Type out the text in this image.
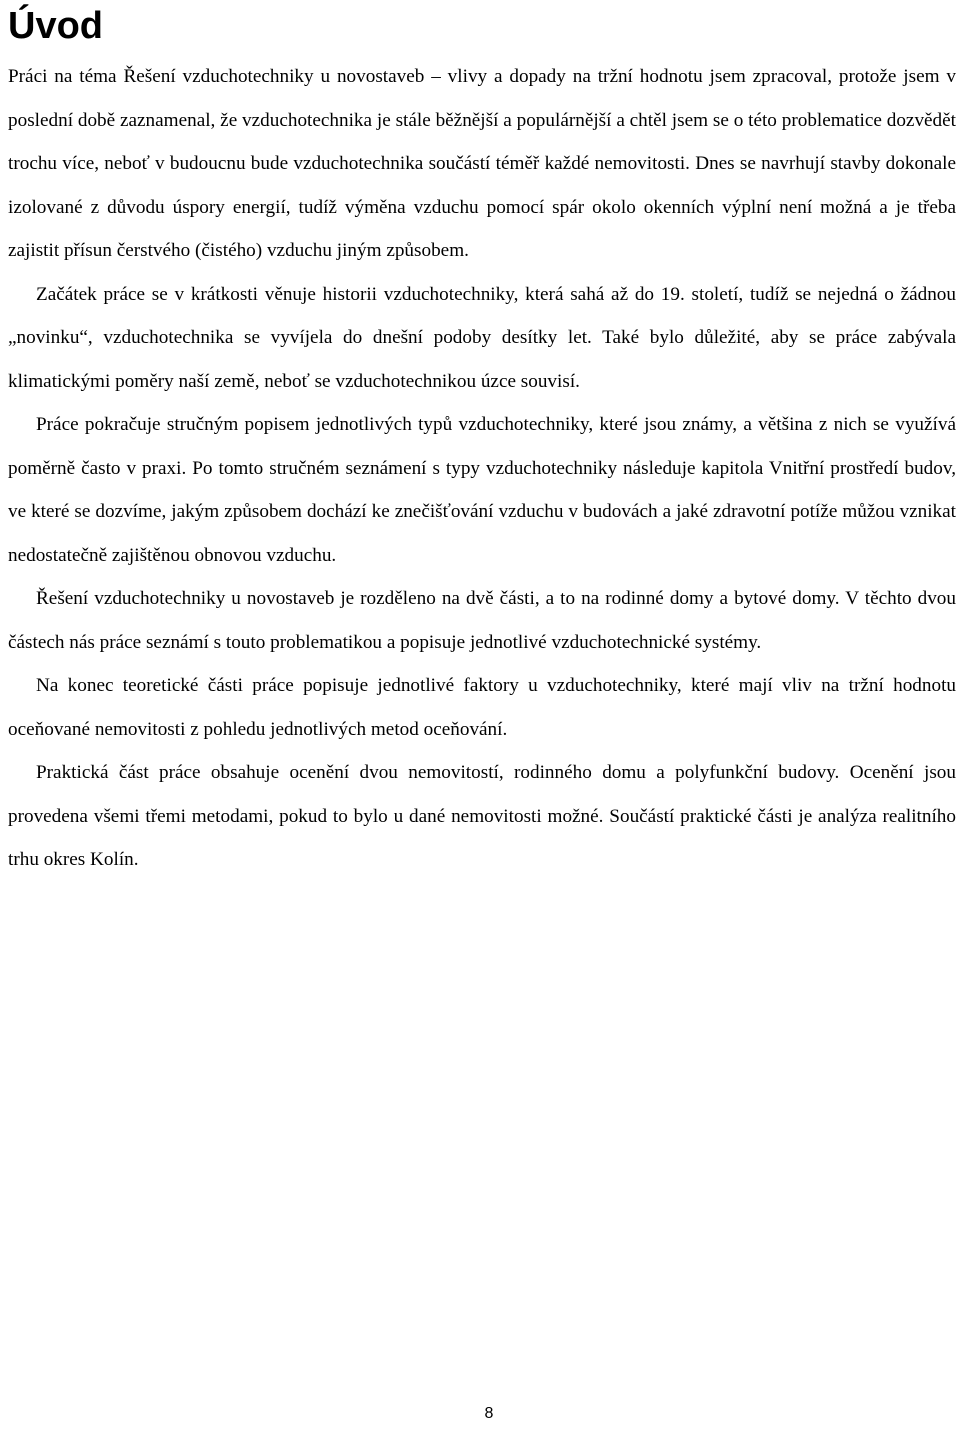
Úvod

Práci na téma Řešení vzduchotechniky u novostaveb – vlivy a dopady na tržní hodnotu jsem zpracoval, protože jsem v poslední době zaznamenal, že vzduchotechnika je stále běžnější a populárnější a chtěl jsem se o této problematice dozvědět trochu více, neboť v budoucnu bude vzduchotechnika součástí téměř každé nemovitosti. Dnes se navrhují stavby dokonale izolované z důvodu úspory energií, tudíž výměna vzduchu pomocí spár okolo okenních výplní není možná a je třeba zajistit přísun čerstvého (čistého) vzduchu jiným způsobem.

Začátek práce se v krátkosti věnuje historii vzduchotechniky, která sahá až do 19. století, tudíž se nejedná o žádnou „novinku“, vzduchotechnika se vyvíjela do dnešní podoby desítky let. Také bylo důležité, aby se práce zabývala klimatickými poměry naší země, neboť se vzduchotechnikou úzce souvisí.

Práce pokračuje stručným popisem jednotlivých typů vzduchotechniky, které jsou známy, a většina z nich se využívá poměrně často v praxi. Po tomto stručném seznámení s typy vzduchotechniky následuje kapitola Vnitřní prostředí budov, ve které se dozvíme, jakým způsobem dochází ke znečišťování vzduchu v budovách a jaké zdravotní potíže můžou vznikat nedostatečně zajištěnou obnovou vzduchu.

Řešení vzduchotechniky u novostaveb je rozděleno na dvě části, a to na rodinné domy a bytové domy. V těchto dvou částech nás práce seznámí s touto problematikou a popisuje jednotlivé vzduchotechnické systémy.

Na konec teoretické části práce popisuje jednotlivé faktory u vzduchotechniky, které mají vliv na tržní hodnotu oceňované nemovitosti z pohledu jednotlivých metod oceňování.

Praktická část práce obsahuje ocenění dvou nemovitostí, rodinného domu a polyfunkční budovy. Ocenění jsou provedena všemi třemi metodami, pokud to bylo u dané nemovitosti možné. Součástí praktické části je analýza realitního trhu okres Kolín.

8
